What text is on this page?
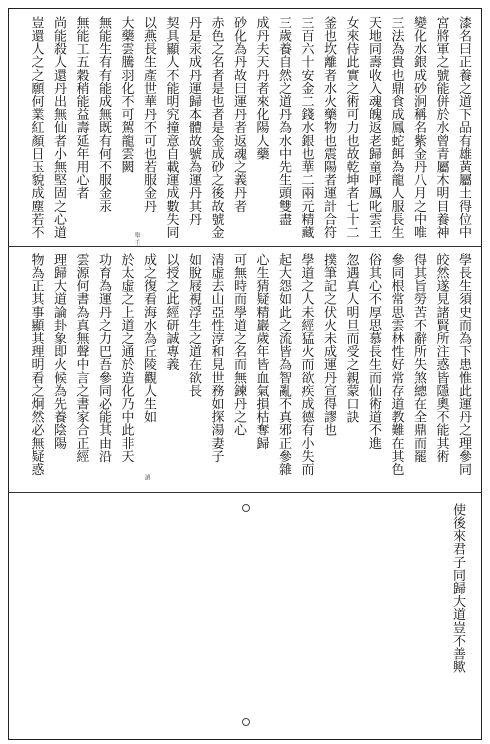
漆名曰正養之道下品有雄黃屬土得位中
宮將軍之號能併於水曾青屬木明目養神
變化水銀成砂泂稱名紫金丹八月之中唯
三法為貴也鼎食成鳳蛇餌為龍人服長生
天地同壽收入魂魄返老歸童呼鳳叱雲王
女來侍此實之術可力也故乾坤者七十二
釜也坎離者水火藥物也震陽者運計合符
三百六十安金二錢水銀也華二兩元精藏
三歲養自然之道丹為水中先生頭雙盡
成丹夫天丹者來化陽人藥
砂化為丹故曰運丹者返魂之義丹者
赤色之名者是也者是金成砂之後故號金
丹是汞成丹運歸本體故號為運丹其丹
契具顯人不能明究撞意自載運成數失同
以燕長生產世華丹不可也若服金丹
大藥雲騰羽化不可駕龍雲闕
無能生有有能成無既有何不服金汞
無能工五穀稍能益壽延年用心者
尚能殺人還丹出無仙者小無堅固之心道
豈還人之之願何業紅顏日玉貌成塵若不
學長生須史而為下患惟此運丹之理參同
皎然遂見諸賢所注惑皆隱奧不能其術
得其旨勞苦不辭所失煞總在全鼎而罷
參同根常思雲林性好常存道教難在其色
俗其心不厚思慕長生而仙術道不進
忽遇真人明旦而受之親蒙口訣
撲筆記之伏火未成運丹宣得謬也
學道之人未經猛火而欲疾成德有小失而
起大怨如此之流皆為智亂不真邪正參雜
心生猜疑精巖歲年皆血氣損枯奪歸
可無時而學道之名而無鍊丹之心
清虛去山亞性淳和見世務如探湯妻子
如脫屐視浮生之道在欲長
以授之此經研誠專義
成之復看海水為丘陵觀人生如
於太虛之上道之通於造化乃中此非天
功育為運丹之力巴吾參同必能其由沿
雲源何書為真無聲中言之書家合正經
理歸大道論卦象即火候為先養陰陽
物為正其事顯其理明看之炯然必無疑惑
使後來君子同歸大道豈不善歟
舉 壬
讀
